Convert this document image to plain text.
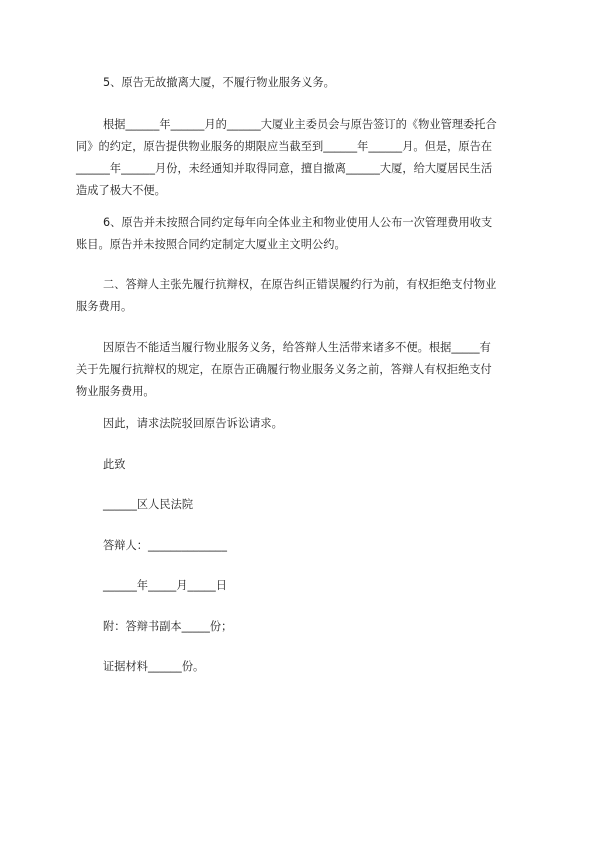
5、原告无故撤离大厦，不履行物业服务义务。

根据______年______月的______大厦业主委员会与原告签订的《物业管理委托合

同》的约定，原告提供物业服务的期限应当截至到______年______月。但是，原告在
______年______月份，未经通知并取得同意，擅自撤离______大厦，给大厦居民生活
造成了极大不便。

6、原告并未按照合同约定每年向全体业主和物业使用人公布一次管理费用收支

账目。原告并未按照合同约定制定大厦业主文明公约。

二、答辩人主张先履行抗辩权，在原告纠正错误履约行为前，有权拒绝支付物业

服务费用。

因原告不能适当履行物业服务义务，给答辩人生活带来诸多不便。根据_____有

关于先履行抗辩权的规定，在原告正确履行物业服务义务之前，答辩人有权拒绝支付
物业服务费用。

因此，请求法院驳回原告诉讼请求。

此致

______区人民法院

答辩人：______________

______年_____月_____日

附：答辩书副本_____份；

证据材料______份。
